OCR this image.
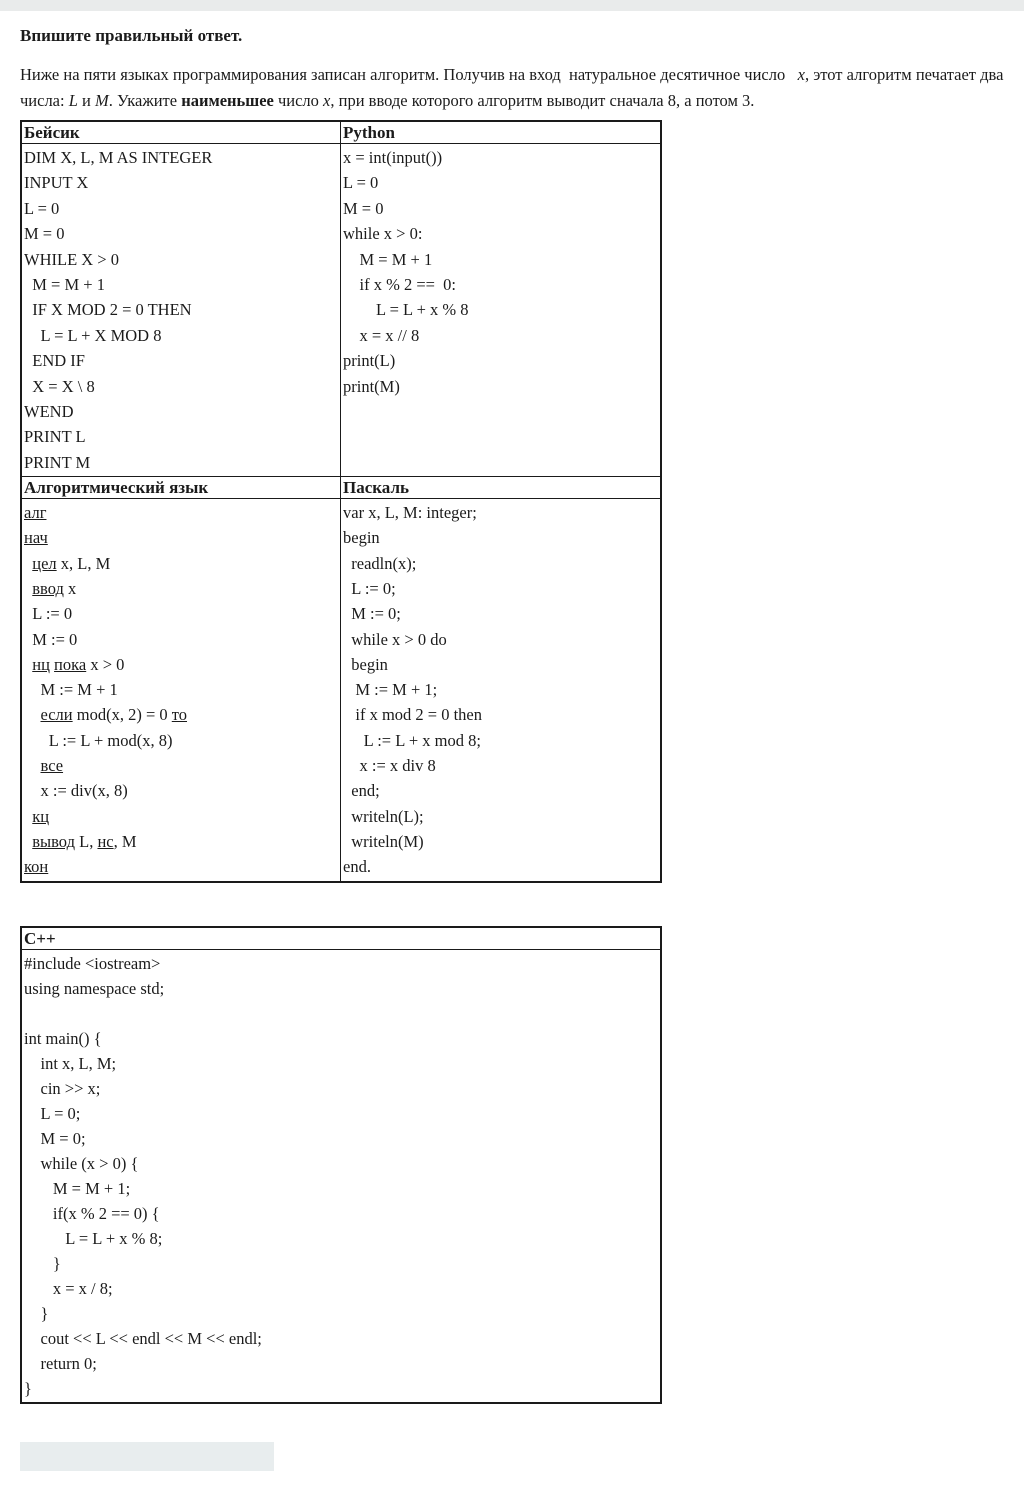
Впишите правильный ответ.
Ниже на пяти языках программирования записан алгоритм. Получив на вход  натуральное десятичное число   x, этот алгоритм печатает два числа: L и M. Укажите наименьшее число x, при вводе которого алгоритм выводит сначала 8, а потом 3.
Бейсик	Python
DIM X, L, M AS INTEGER
INPUT X
L = 0
M = 0
WHILE X > 0
M = M + 1
IF X MOD 2 = 0 THEN
L = L + X MOD 8
END IF
X = X \ 8
WEND
PRINT L
PRINT M
x = int(input())
L = 0
M = 0
while x > 0:
M = M + 1
if x % 2 ==  0:
L = L + x % 8
x = x // 8
print(L)
print(M)
Алгоритмический язык	Паскаль
алг
нач
цел x, L, M
ввод x
L := 0
M := 0
нц пока x > 0
M := M + 1
если mod(x, 2) = 0 то
L := L + mod(x, 8)
все
x := div(x, 8)
кц
вывод L, нс, M
кон
var x, L, M: integer;
begin
readln(x);
L := 0;
M := 0;
while x > 0 do
begin
M := M + 1;
if x mod 2 = 0 then
L := L + x mod 8;
x := x div 8
end;
writeln(L);
writeln(M)
end.
C++
#include <iostream>
using namespace std;
int main() {
int x, L, M;
cin >> x;
L = 0;
M = 0;
while (x > 0) {
M = M + 1;
if(x % 2 == 0) {
L = L + x % 8;
}
x = x / 8;
}
cout << L << endl << M << endl;
return 0;
}
